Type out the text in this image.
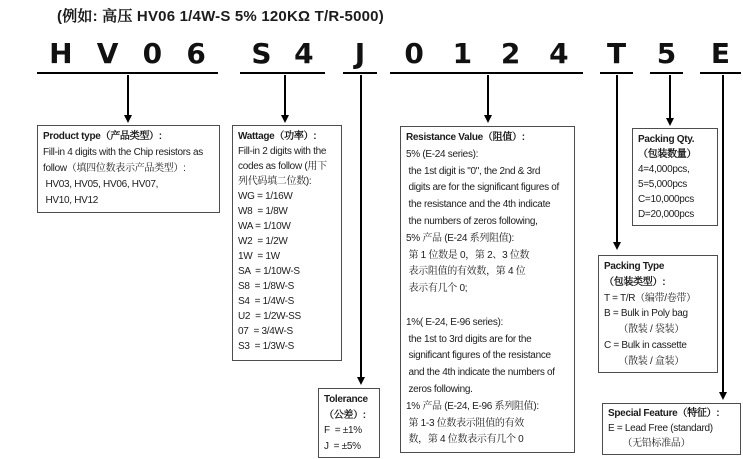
(例如: 高压 HV06 1/4W-S 5% 120KΩ T/R-5000)
H V 0 6 S 4 J 0 1 2 4 T 5 E
Product type（产品类型）:
Fill-in 4 digits with the Chip resistors as
follow（填四位数表示产品类型）:
HV03, HV05, HV06, HV07,
HV10, HV12
Wattage（功率）:
Fill-in 2 digits with the
codes as follow (用下
列代码填二位数):
WG = 1/16W
W8  = 1/8W
WA = 1/10W
W2  = 1/2W
1W  = 1W
SA  = 1/10W-S
S8  = 1/8W-S
S4  = 1/4W-S
U2  = 1/2W-SS
07  = 3/4W-S
S3  = 1/3W-S
Tolerance
（公差）:
F  = ±1%
J  = ±5%
Resistance Value（阻值）:
5% (E-24 series):
the 1st digit is "0", the 2nd & 3rd
digits are for the significant figures of
the resistance and the 4th indicate
the numbers of zeros following,
5% 产品 (E-24 系列阻值):
第 1 位数是 0，第 2、3 位数
表示阻值的有效数，第 4 位
表示有几个 0;
1%( E-24, E-96 series):
the 1st to 3rd digits are for the
significant figures of the resistance
and the 4th indicate the numbers of
zeros following.
1% 产品 (E-24, E-96 系列阻值):
第 1-3 位数表示阻值的有效
数，第 4 位数表示有几个 0
Packing Qty.
（包装数量）
4=4,000pcs,
5=5,000pcs
C=10,000pcs
D=20,000pcs
Packing Type
（包装类型）:
T = T/R（编带/卷带）
B = Bulk in Poly bag
　　（散装 / 袋装）
C = Bulk in cassette
　　（散装 / 盒装）
Special Feature（特征）:
E = Lead Free (standard)
　　（无铅标准品）
